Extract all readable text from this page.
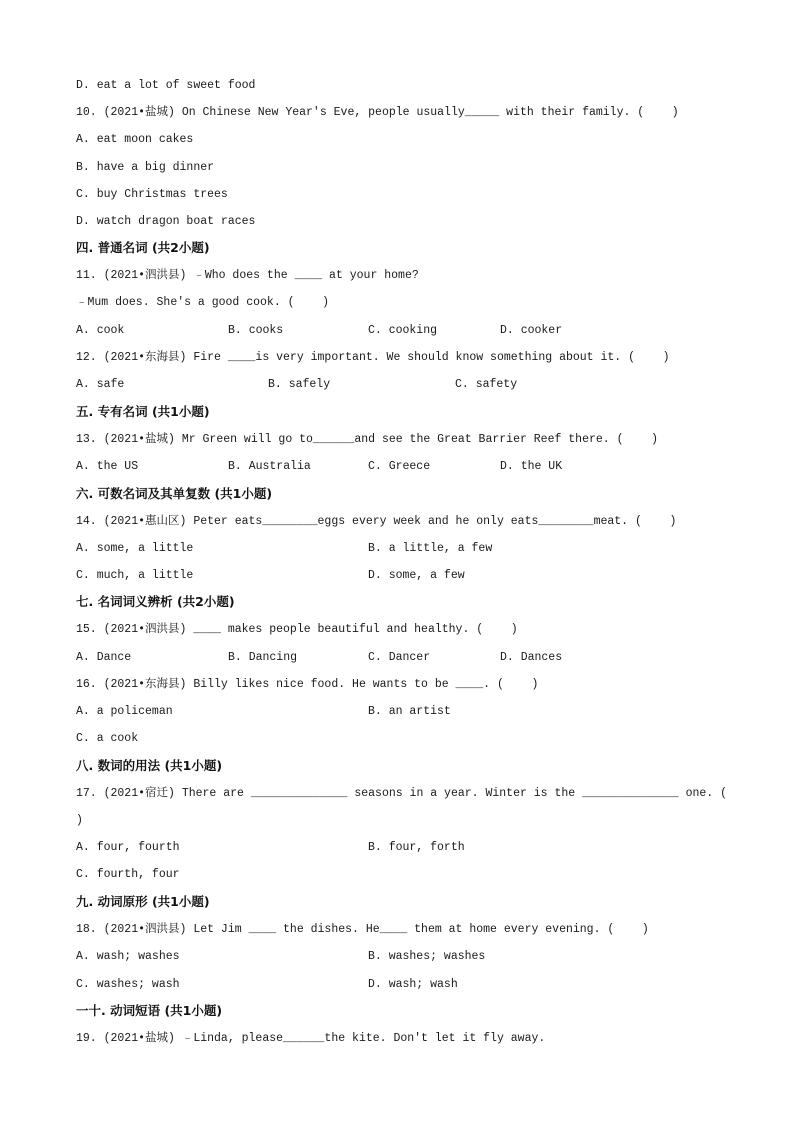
D. eat a lot of sweet food
10. (2021•盐城) On Chinese New Year's Eve, people usually_____ with their family. (    )
A. eat moon cakes
B. have a big dinner
C. buy Christmas trees
D. watch dragon boat races
四. 普通名词 (共2小题)
11. (2021•泗洪县) ﹣Who does the ____ at your home?
﹣Mum does. She's a good cook. (    )
A. cook	B. cooks	C. cooking	D. cooker
12. (2021•东海县) Fire ____is very important. We should know something about it. (    )
A. safe	B. safely	C. safety
五. 专有名词 (共1小题)
13. (2021•盐城) Mr Green will go to______and see the Great Barrier Reef there. (    )
A. the US	B. Australia	C. Greece	D. the UK
六. 可数名词及其单复数 (共1小题)
14. (2021•惠山区) Peter eats________eggs every week and he only eats________meat. (    )
A. some, a little	B. a little, a few
C. much, a little	D. some, a few
七. 名词词义辨析 (共2小题)
15. (2021•泗洪县) ____ makes people beautiful and healthy. (    )
A. Dance	B. Dancing	C. Dancer	D. Dances
16. (2021•东海县) Billy likes nice food. He wants to be ____. (    )
A. a policeman	B. an artist
C. a cook
八. 数词的用法 (共1小题)
17. (2021•宿迁) There are ______________ seasons in a year. Winter is the ______________ one. (
)
A. four, fourth	B. four, forth
C. fourth, four
九. 动词原形 (共1小题)
18. (2021•泗洪县) Let Jim ____ the dishes. He____ them at home every evening. (    )
A. wash; washes	B. washes; washes
C. washes; wash	D. wash; wash
一十. 动词短语 (共1小题)
19. (2021•盐城) ﹣Linda, please______the kite. Don't let it fly away.
